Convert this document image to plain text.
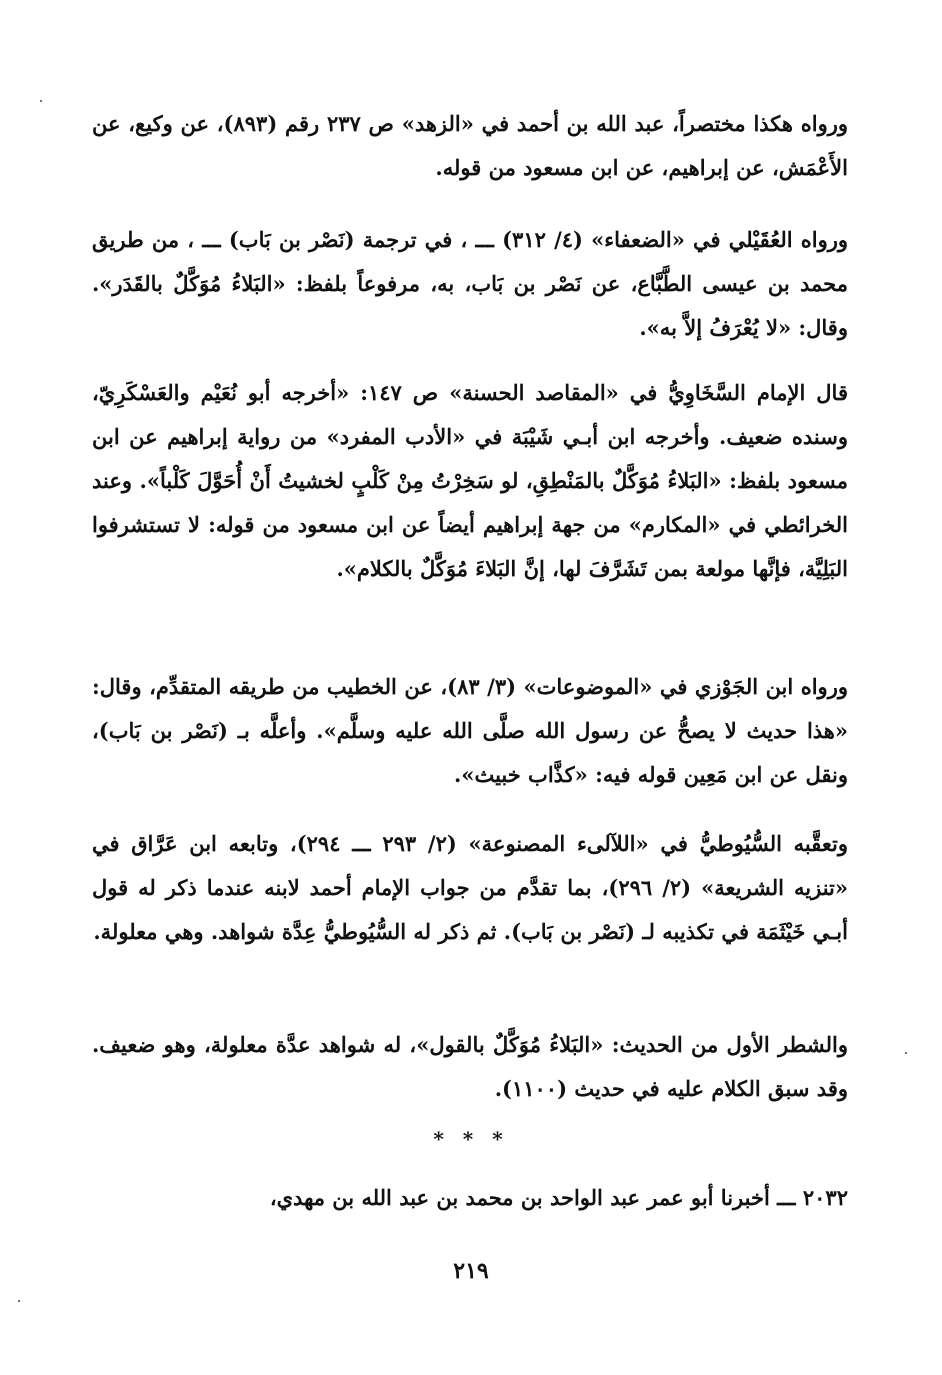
ورواه هكذا مختصراً، عبد الله بن أحمد في «الزهد» ص ٢٣٧ رقم (٨٩٣)، عن وكيع، عن الأَعْمَش، عن إبراهيم، عن ابن مسعود من قوله.

ورواه العُقَيْلي في «الضعفاء» (٤/ ٣١٢) ـــ ، في ترجمة (نَصْر بن بَاب) ـــ ، من طريق محمد بن عيسى الطَّبَّاع، عن نَصْر بن بَاب، به، مرفوعاً بلفظ: «البَلاءُ مُوَكَّلٌ بالقَدَر». وقال: «لا يُعْرَفُ إلاَّ به».

قال الإمام السَّخَاوِيُّ في «المقاصد الحسنة» ص ١٤٧: «أخرجه أبو نُعَيْم والعَسْكَرِيّ، وسنده ضعيف. وأخرجه ابن أبـي شَيْبَة في «الأدب المفرد» من رواية إبراهيم عن ابن مسعود بلفظ: «البَلاءُ مُوَكَّلٌ بالمَنْطِقِ، لو سَخِرْتُ مِنْ كَلْبٍ لخشيتُ أَنْ أُحَوَّلَ كَلْباً». وعند الخرائطي في «المكارم» من جهة إبراهيم أيضاً عن ابن مسعود من قوله: لا تستشرفوا البَلِيَّة، فإنَّها مولعة بمن تَشَرَّفَ لها، إنَّ البَلاءَ مُوَكَّلٌ بالكلام».

ورواه ابن الجَوْزي في «الموضوعات» (٣/ ٨٣)، عن الخطيب من طريقه المتقدِّم، وقال: «هذا حديث لا يصحُّ عن رسول الله صلَّى الله عليه وسلَّم». وأعلَّه بـ (نَصْر بن بَاب)، ونقل عن ابن مَعِين قوله فيه: «كذَّاب خبيث».

وتعقَّبه السُّيُوطيُّ في «اللآلىء المصنوعة» (٢/ ٢٩٣ ـــ ٢٩٤)، وتابعه ابن عَرَّاق في «تنزيه الشريعة» (٢/ ٢٩٦)، بما تقدَّم من جواب الإمام أحمد لابنه عندما ذكر له قول أبـي خَيْثَمَة في تكذيبه لـ (نَصْر بن بَاب). ثم ذكر له السُّيُوطيُّ عِدَّة شواهد. وهي معلولة.

والشطر الأول من الحديث: «البَلاءُ مُوَكَّلٌ بالقول»، له شواهد عدَّة معلولة، وهو ضعيف. وقد سبق الكلام عليه في حديث (١١٠٠).

* * *

٢٠٣٢ ـــ أخبرنا أبو عمر عبد الواحد بن محمد بن عبد الله بن مهدي،

٢١٩
